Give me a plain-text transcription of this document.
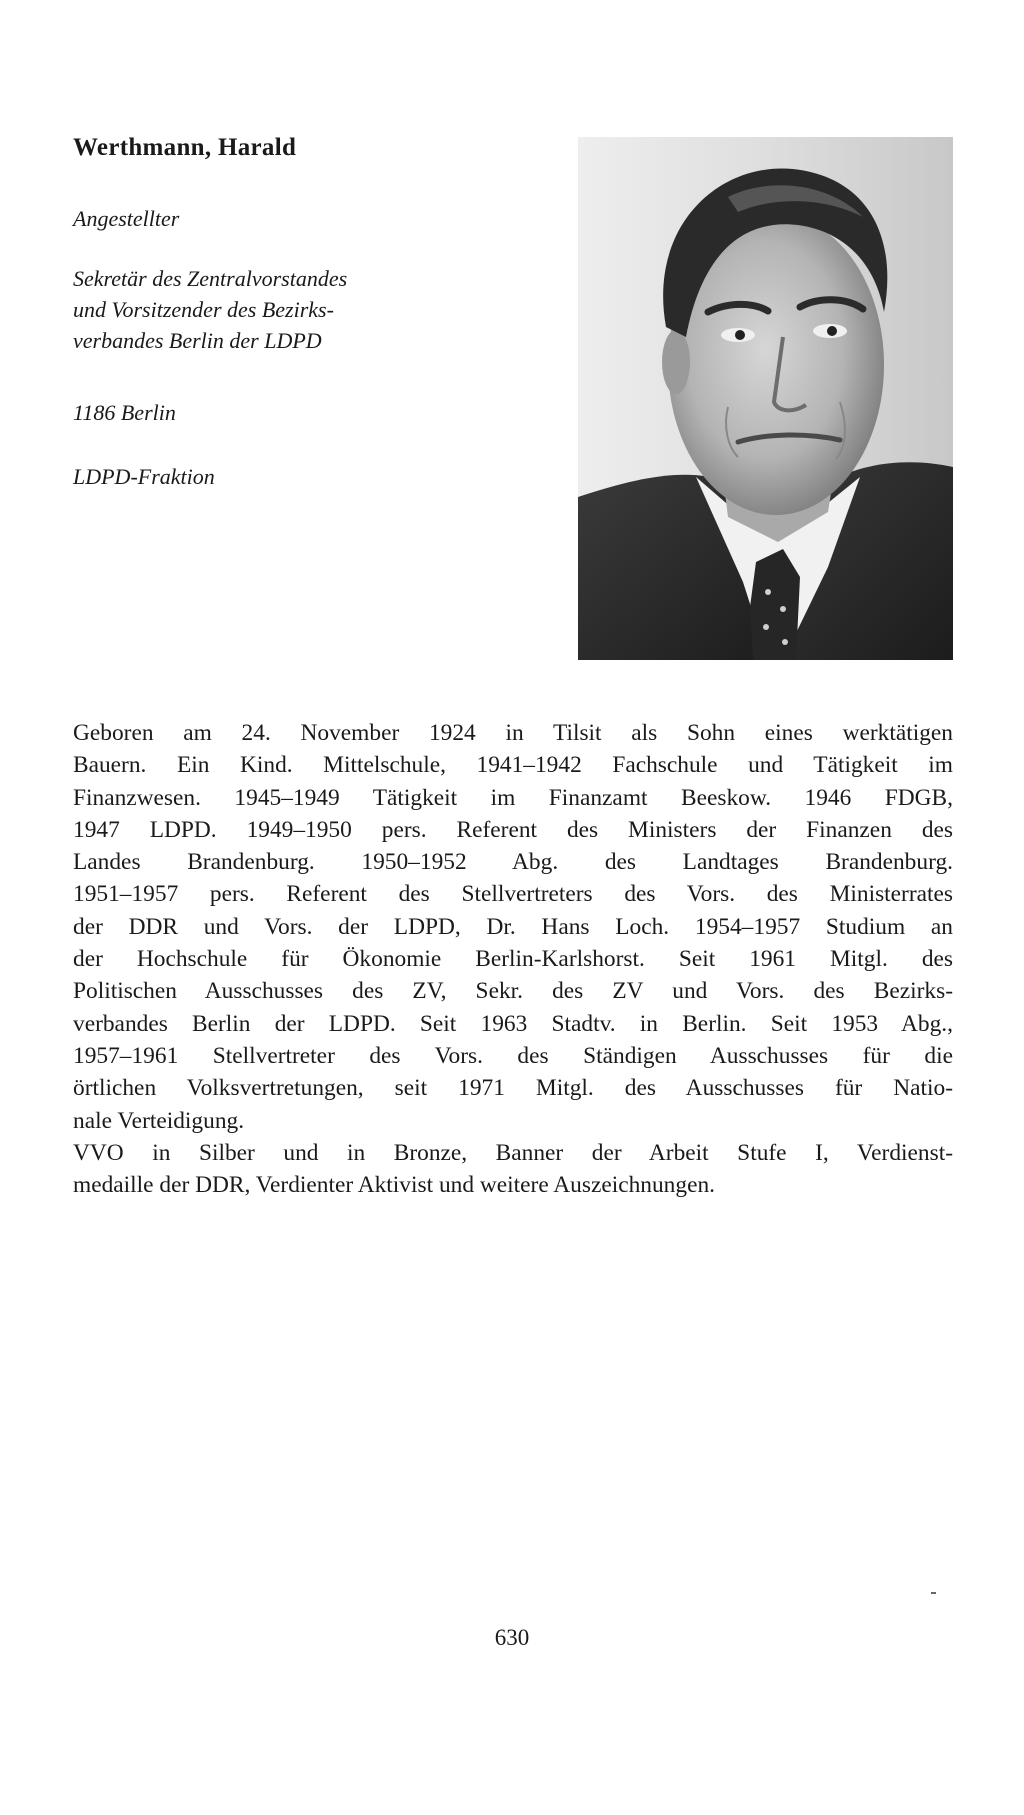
Werthmann, Harald
Angestellter
Sekretär des Zentralvorstandes
und Vorsitzender des Bezirks-
verbandes Berlin der LDPD
1186 Berlin
LDPD-Fraktion
Geboren am 24. November 1924 in Tilsit als Sohn eines werktätigen
Bauern. Ein Kind. Mittelschule, 1941–1942 Fachschule und Tätigkeit im
Finanzwesen. 1945–1949 Tätigkeit im Finanzamt Beeskow. 1946 FDGB,
1947 LDPD. 1949–1950 pers. Referent des Ministers der Finanzen des
Landes Brandenburg. 1950–1952 Abg. des Landtages Brandenburg.
1951–1957 pers. Referent des Stellvertreters des Vors. des Ministerrates
der DDR und Vors. der LDPD, Dr. Hans Loch. 1954–1957 Studium an
der Hochschule für Ökonomie Berlin-Karlshorst. Seit 1961 Mitgl. des
Politischen Ausschusses des ZV, Sekr. des ZV und Vors. des Bezirks-
verbandes Berlin der LDPD. Seit 1963 Stadtv. in Berlin. Seit 1953 Abg.,
1957–1961 Stellvertreter des Vors. des Ständigen Ausschusses für die
örtlichen Volksvertretungen, seit 1971 Mitgl. des Ausschusses für Natio-
nale Verteidigung.
VVO in Silber und in Bronze, Banner der Arbeit Stufe I, Verdienst-
medaille der DDR, Verdienter Aktivist und weitere Auszeichnungen.
630
